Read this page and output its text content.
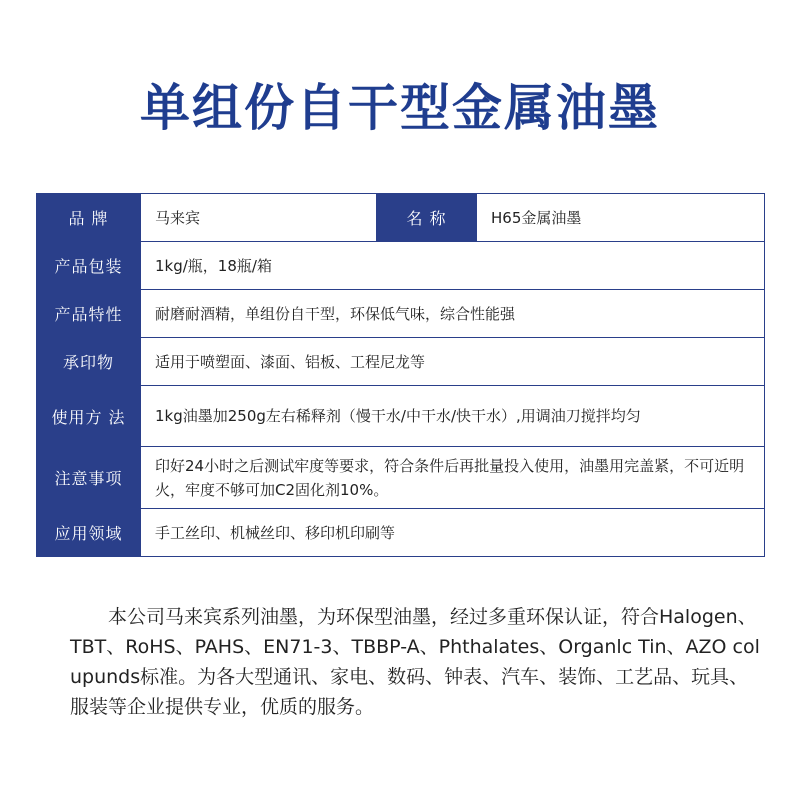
单组份自干型金属油墨
品 牌	马来宾	名 称	H65金属油墨
产品包装	1kg/瓶，18瓶/箱		
产品特性	耐磨耐酒精，单组份自干型，环保低气味，综合性能强		
承印物	适用于喷塑面、漆面、铝板、工程尼龙等		
使用方 法	1kg油墨加250g左右稀释剂（慢干水/中干水/快干水）,用调油刀搅拌均匀		
注意事项	印好24小时之后测试牢度等要求，符合条件后再批量投入使用，油墨用完盖紧，不可近明火，牢度不够可加C2固化剂10%。		
应用领域	手工丝印、机械丝印、移印机印刷等		
本公司马来宾系列油墨，为环保型油墨，经过多重环保认证，符合Halogen、TBT、RoHS、PAHS、EN71-3、TBBP-A、Phthalates、Organlc Tin、AZO colupunds标准。为各大型通讯、家电、数码、钟表、汽车、装饰、工艺品、玩具、服装等企业提供专业，优质的服务。
